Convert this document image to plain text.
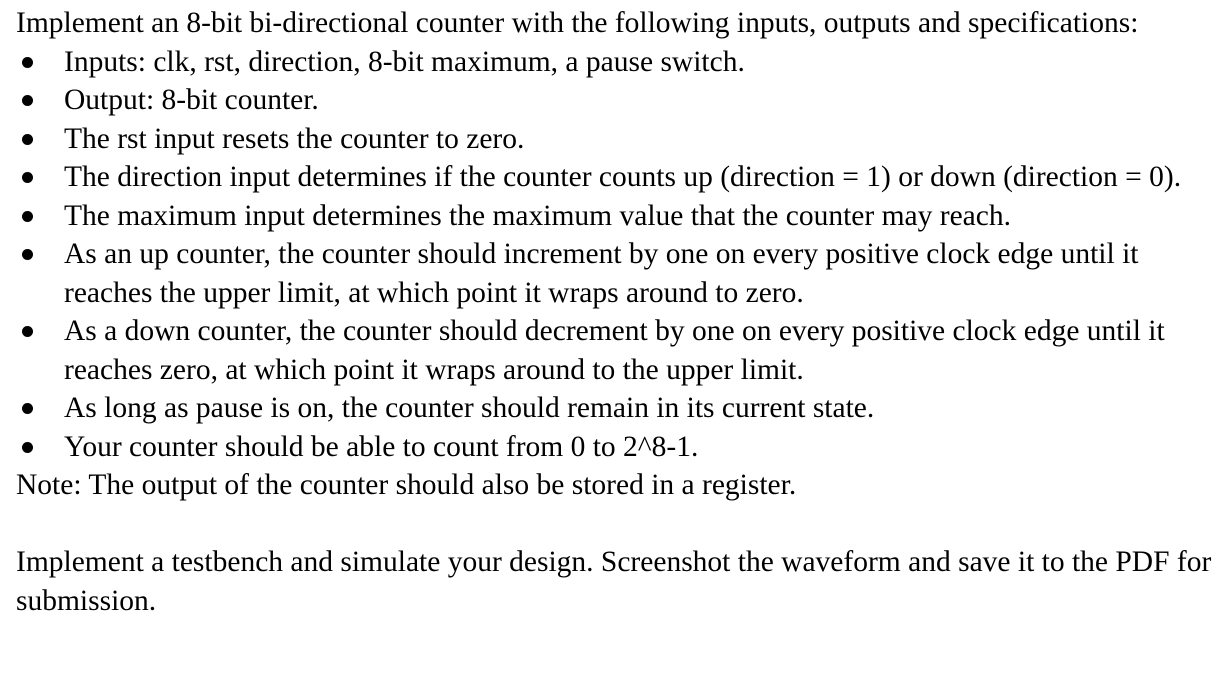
Implement an 8-bit bi-directional counter with the following inputs, outputs and specifications:

Inputs: clk, rst, direction, 8-bit maximum, a pause switch.
Output: 8-bit counter.
The rst input resets the counter to zero.
The direction input determines if the counter counts up (direction = 1) or down (direction = 0).
The maximum input determines the maximum value that the counter may reach.
As an up counter, the counter should increment by one on every positive clock edge until it reaches the upper limit, at which point it wraps around to zero.
As a down counter, the counter should decrement by one on every positive clock edge until it reaches zero, at which point it wraps around to the upper limit.
As long as pause is on, the counter should remain in its current state.
Your counter should be able to count from 0 to 2^8-1.

Note: The output of the counter should also be stored in a register.

Implement a testbench and simulate your design. Screenshot the waveform and save it to the PDF for submission.
